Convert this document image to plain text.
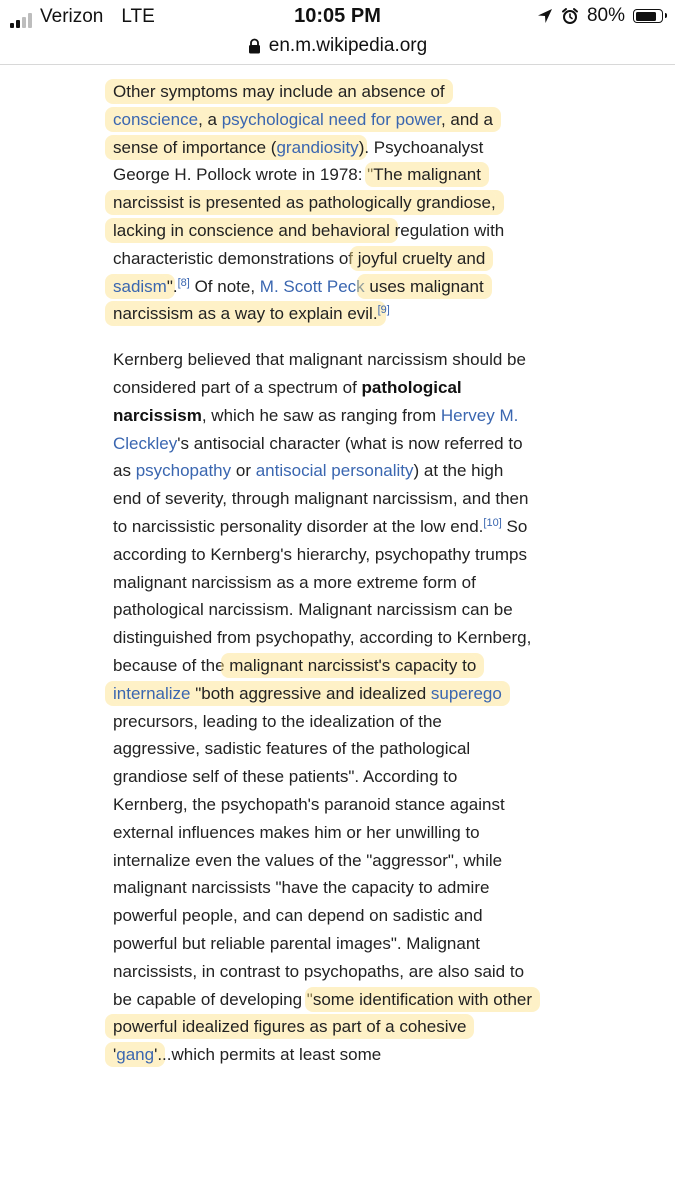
Verizon LTE	10:05 PM	80%
en.m.wikipedia.org

Other symptoms may include an absence of conscience, a psychological need for power, and a sense of importance (grandiosity). Psychoanalyst George H. Pollock wrote in 1978: "The malignant narcissist is presented as pathologically grandiose, lacking in conscience and behavioral regulation with characteristic demonstrations of joyful cruelty and sadism".[8] Of note, M. Scott Peck uses malignant narcissism as a way to explain evil.[9]

Kernberg believed that malignant narcissism should be considered part of a spectrum of pathological narcissism, which he saw as ranging from Hervey M. Cleckley's antisocial character (what is now referred to as psychopathy or antisocial personality) at the high end of severity, through malignant narcissism, and then to narcissistic personality disorder at the low end.[10] So according to Kernberg's hierarchy, psychopathy trumps malignant narcissism as a more extreme form of pathological narcissism. Malignant narcissism can be distinguished from psychopathy, according to Kernberg, because of the malignant narcissist's capacity to internalize "both aggressive and idealized superego precursors, leading to the idealization of the aggressive, sadistic features of the pathological grandiose self of these patients". According to Kernberg, the psychopath's paranoid stance against external influences makes him or her unwilling to internalize even the values of the "aggressor", while malignant narcissists "have the capacity to admire powerful people, and can depend on sadistic and powerful but reliable parental images". Malignant narcissists, in contrast to psychopaths, are also said to be capable of developing "some identification with other powerful idealized figures as part of a cohesive 'gang'...which permits at least some
